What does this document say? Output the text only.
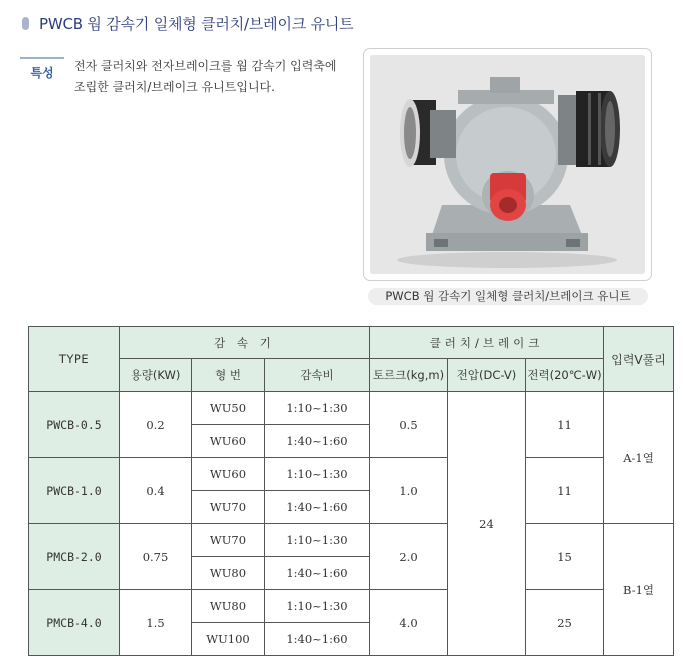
PWCB 웜 감속기 일체형 클러치/브레이크 유니트
특성	전자 클러치와 전자브레이크를 웜 감속기 입력축에
조립한 클러치/브레이크 유니트입니다.
PWCB 웜 감속기 일체형 클러치/브레이크 유니트
TYPE	감 속 기			클러치/브레이크			입력V풀리
	용량(KW)	형 번	감속비	토르크(kg,m)	전압(DC-V)	전력(20℃-W)	
PWCB-0.5	0.2	WU50	1:10~1:30	0.5	24	11	A-1열
		WU60	1:40~1:60				
PWCB-1.0	0.4	WU60	1:10~1:30	1.0		11	
		WU70	1:40~1:60				
PMCB-2.0	0.75	WU70	1:10~1:30	2.0		15	B-1열
		WU80	1:40~1:60				
PMCB-4.0	1.5	WU80	1:10~1:30	4.0		25	
		WU100	1:40~1:60				
